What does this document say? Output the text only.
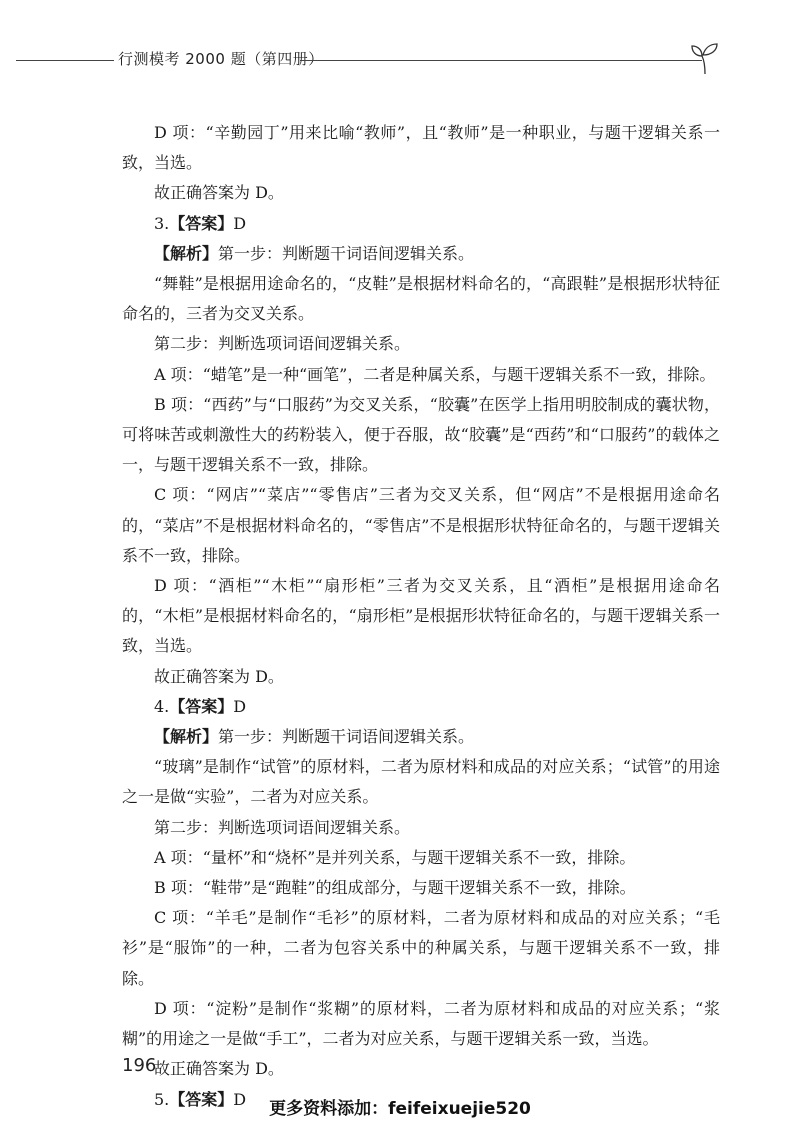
行测模考 2000 题（第四册）

D 项：“辛勤园丁”用来比喻“教师”，且“教师”是一种职业，与题干逻辑关系一致，当选。

故正确答案为 D。

3.【答案】D

【解析】第一步：判断题干词语间逻辑关系。

“舞鞋”是根据用途命名的，“皮鞋”是根据材料命名的，“高跟鞋”是根据形状特征命名的，三者为交叉关系。

第二步：判断选项词语间逻辑关系。

A 项：“蜡笔”是一种“画笔”，二者是种属关系，与题干逻辑关系不一致，排除。

B 项：“西药”与“口服药”为交叉关系，“胶囊”在医学上指用明胶制成的囊状物，可将味苦或刺激性大的药粉装入，便于吞服，故“胶囊”是“西药”和“口服药”的载体之一，与题干逻辑关系不一致，排除。

C 项：“网店”“菜店”“零售店”三者为交叉关系，但“网店”不是根据用途命名的，“菜店”不是根据材料命名的，“零售店”不是根据形状特征命名的，与题干逻辑关系不一致，排除。

D 项：“酒柜”“木柜”“扇形柜”三者为交叉关系，且“酒柜”是根据用途命名的，“木柜”是根据材料命名的，“扇形柜”是根据形状特征命名的，与题干逻辑关系一致，当选。

故正确答案为 D。

4.【答案】D

【解析】第一步：判断题干词语间逻辑关系。

“玻璃”是制作“试管”的原材料，二者为原材料和成品的对应关系；“试管”的用途之一是做“实验”，二者为对应关系。

第二步：判断选项词语间逻辑关系。

A 项：“量杯”和“烧杯”是并列关系，与题干逻辑关系不一致，排除。

B 项：“鞋带”是“跑鞋”的组成部分，与题干逻辑关系不一致，排除。

C 项：“羊毛”是制作“毛衫”的原材料，二者为原材料和成品的对应关系；“毛衫”是“服饰”的一种，二者为包容关系中的种属关系，与题干逻辑关系不一致，排除。

D 项：“淀粉”是制作“浆糊”的原材料，二者为原材料和成品的对应关系；“浆糊”的用途之一是做“手工”，二者为对应关系，与题干逻辑关系一致，当选。

故正确答案为 D。

5.【答案】D

196
更多资料添加：feifeixuejie520
